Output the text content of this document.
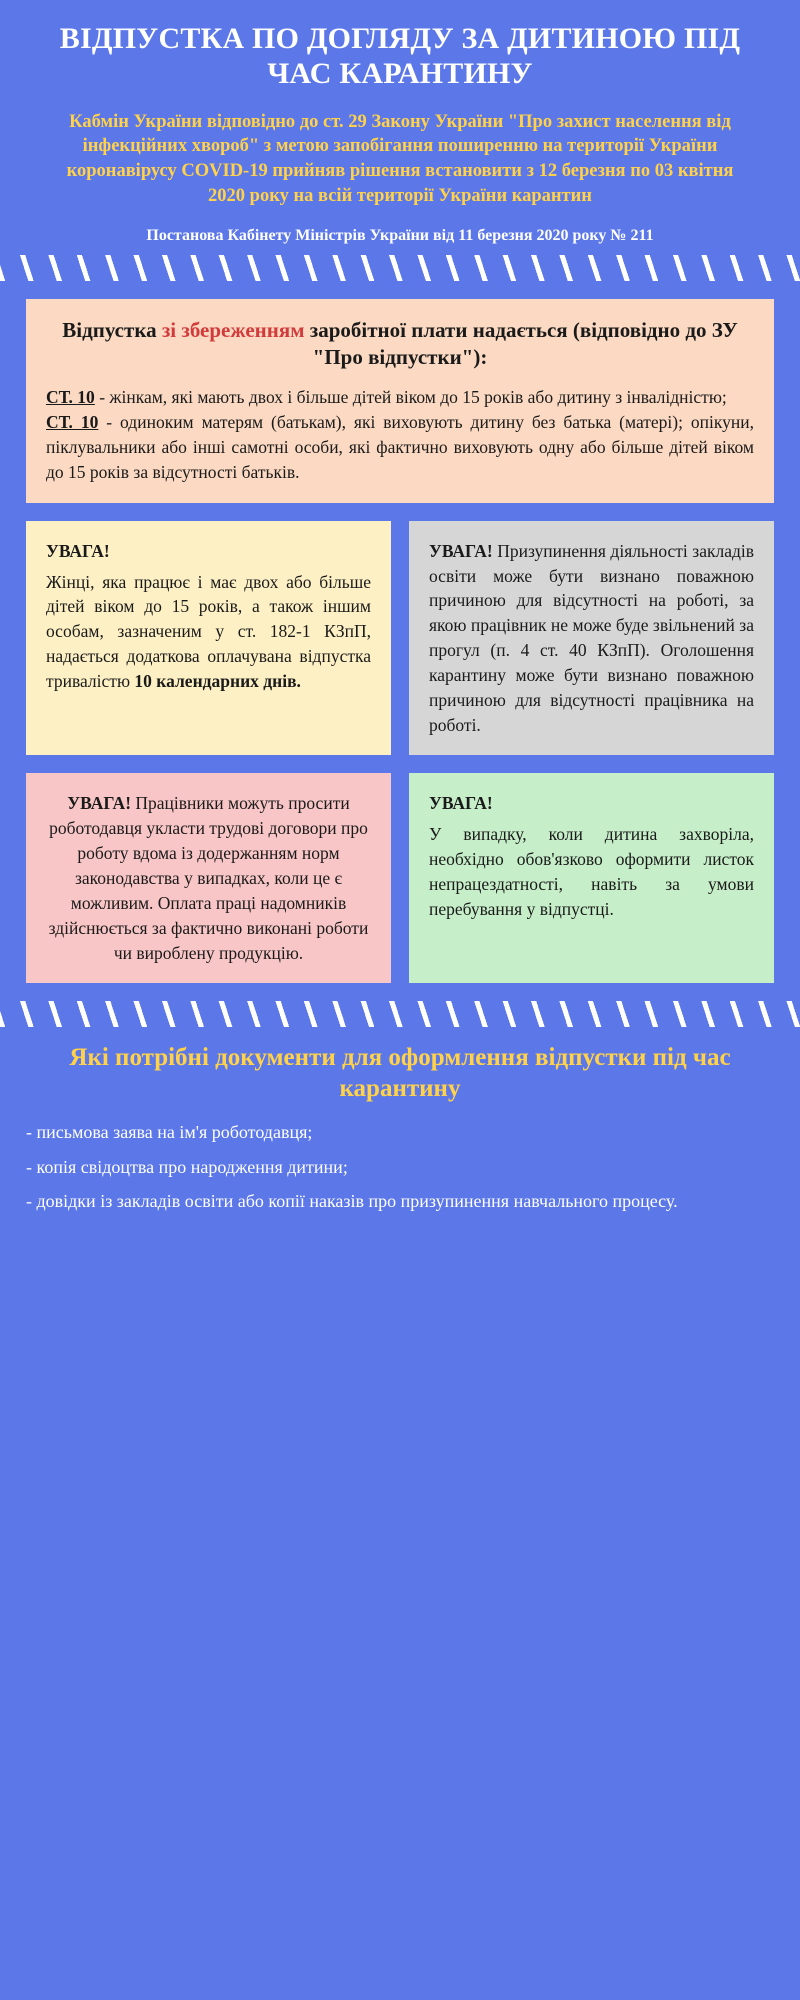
ВІДПУСТКА ПО ДОГЛЯДУ ЗА ДИТИНОЮ ПІД ЧАС КАРАНТИНУ
Кабмін України відповідно до ст. 29 Закону України "Про захист населення від інфекційних хвороб" з метою запобігання поширенню на території України коронавірусу COVID-19 прийняв рішення встановити з 12 березня по 03 квітня 2020 року на всій території України карантин
Постанова Кабінету Міністрів України від 11 березня 2020 року № 211
Відпустка зі збереженням заробітної плати надається (відповідно до ЗУ "Про відпустки"):

СТ. 10 - жінкам, які мають двох і більше дітей віком до 15 років або дитину з інвалідністю;

СТ. 10 - одиноким матерям (батькам), які виховують дитину без батька (матері); опікуни, піклувальники або інші самотні особи, які фактично виховують одну або більше дітей віком до 15 років за відсутності батьків.

УВАГА!

Жінці, яка працює і має двох або більше дітей віком до 15 років, а також іншим особам, зазначеним у ст. 182-1 КЗпП, надається додаткова оплачувана відпустка тривалістю 10 календарних днів.

УВАГА! Призупинення діяльності закладів освіти може бути визнано поважною причиною для відсутності на роботі, за якою працівник не може буде звільнений за прогул (п. 4 ст. 40 КЗпП). Оголошення карантину може бути визнано поважною причиною для відсутності працівника на роботі.

УВАГА! Працівники можуть просити роботодавця укласти трудові договори про роботу вдома із додержанням норм законодавства у випадках, коли це є можливим. Оплата праці надомників здійснюється за фактично виконані роботи чи вироблену продукцію.

УВАГА!

У випадку, коли дитина захворіла, необхідно обов'язково оформити листок непрацездатності, навіть за умови перебування у відпустці.

Які потрібні документи для оформлення відпустки під час карантину
- письмова заява на ім'я роботодавця;
- копія свідоцтва про народження дитини;
- довідки із закладів освіти або копії наказів про призупинення навчального процесу.
